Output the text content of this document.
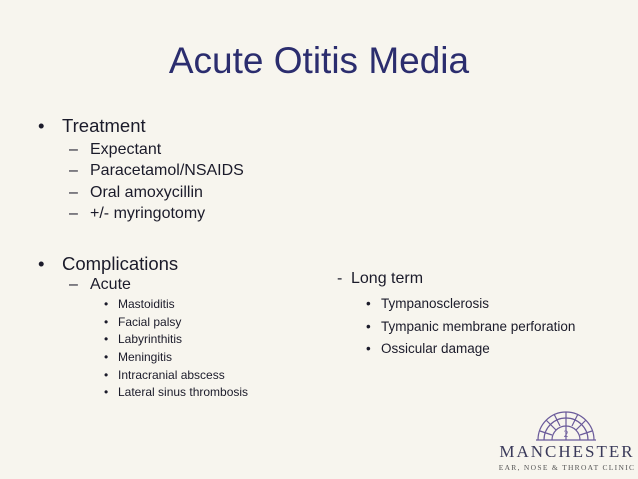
Acute Otitis Media
• Treatment
– Expectant
– Paracetamol/NSAIDS
– Oral amoxycillin
– +/- myringotomy
• Complications
– Acute
• Mastoiditis
• Facial palsy
• Labyrinthitis
• Meningitis
• Intracranial abscess
• Lateral sinus thrombosis
- Long term
• Tympanosclerosis
• Tympanic membrane perforation
• Ossicular damage
2
MANCHESTER
EAR, NOSE & THROAT CLINIC
